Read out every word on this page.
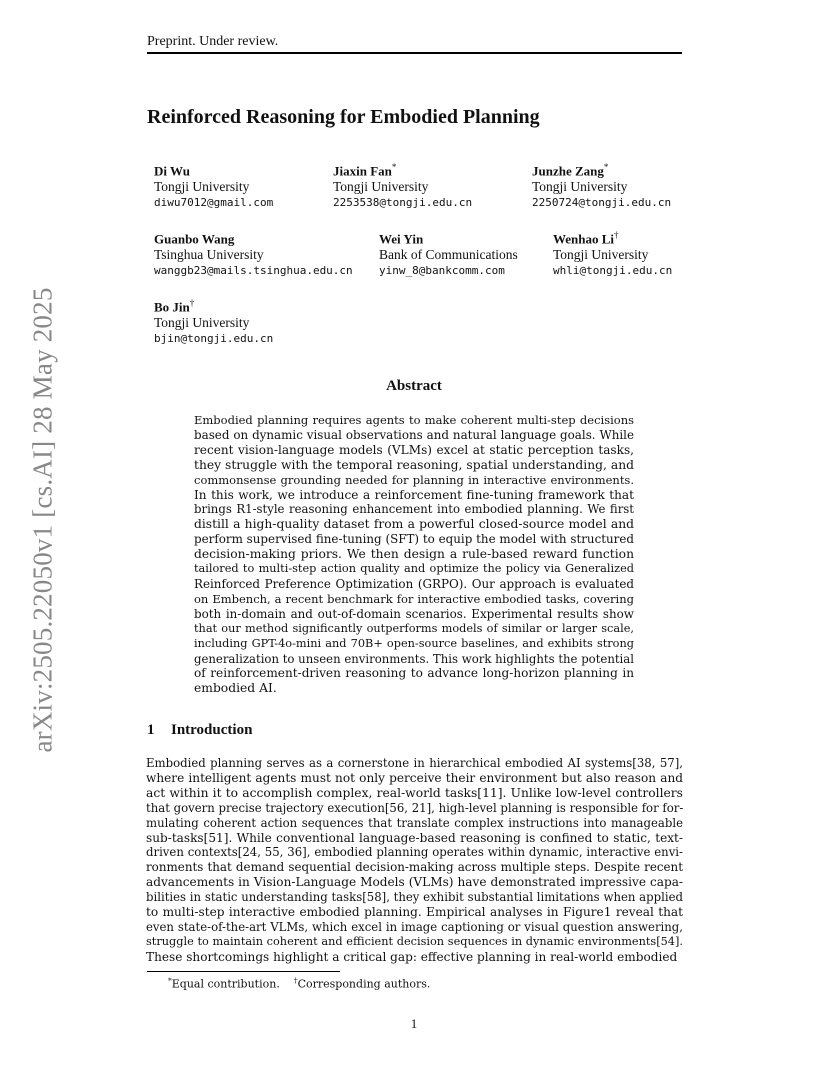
arXiv:2505.22050v1 [cs.AI] 28 May 2025
Preprint. Under review.
Reinforced Reasoning for Embodied Planning
Di Wu
Tongji University
diwu7012@gmail.com
Jiaxin Fan*
Tongji University
2253538@tongji.edu.cn
Junzhe Zang*
Tongji University
2250724@tongji.edu.cn
Guanbo Wang
Tsinghua University
wanggb23@mails.tsinghua.edu.cn
Wei Yin
Bank of Communications
yinw_8@bankcomm.com
Wenhao Li†
Tongji University
whli@tongji.edu.cn
Bo Jin†
Tongji University
bjin@tongji.edu.cn
Abstract
Embodied planning requires agents to make coherent multi-step decisions
based on dynamic visual observations and natural language goals. While
recent vision-language models (VLMs) excel at static perception tasks,
they struggle with the temporal reasoning, spatial understanding, and
commonsense grounding needed for planning in interactive environments.
In this work, we introduce a reinforcement fine-tuning framework that
brings R1-style reasoning enhancement into embodied planning. We first
distill a high-quality dataset from a powerful closed-source model and
perform supervised fine-tuning (SFT) to equip the model with structured
decision-making priors. We then design a rule-based reward function
tailored to multi-step action quality and optimize the policy via Generalized
Reinforced Preference Optimization (GRPO). Our approach is evaluated
on Embench, a recent benchmark for interactive embodied tasks, covering
both in-domain and out-of-domain scenarios. Experimental results show
that our method significantly outperforms models of similar or larger scale,
including GPT-4o-mini and 70B+ open-source baselines, and exhibits strong
generalization to unseen environments. This work highlights the potential
of reinforcement-driven reasoning to advance long-horizon planning in
embodied AI.
1 Introduction
Embodied planning serves as a cornerstone in hierarchical embodied AI systems[38, 57],
where intelligent agents must not only perceive their environment but also reason and
act within it to accomplish complex, real-world tasks[11]. Unlike low-level controllers
that govern precise trajectory execution[56, 21], high-level planning is responsible for for-
mulating coherent action sequences that translate complex instructions into manageable
sub-tasks[51]. While conventional language-based reasoning is confined to static, text-
driven contexts[24, 55, 36], embodied planning operates within dynamic, interactive envi-
ronments that demand sequential decision-making across multiple steps. Despite recent
advancements in Vision-Language Models (VLMs) have demonstrated impressive capa-
bilities in static understanding tasks[58], they exhibit substantial limitations when applied
to multi-step interactive embodied planning. Empirical analyses in Figure1 reveal that
even state-of-the-art VLMs, which excel in image captioning or visual question answering,
struggle to maintain coherent and efficient decision sequences in dynamic environments[54].
These shortcomings highlight a critical gap: effective planning in real-world embodied
*Equal contribution. †Corresponding authors.
1
